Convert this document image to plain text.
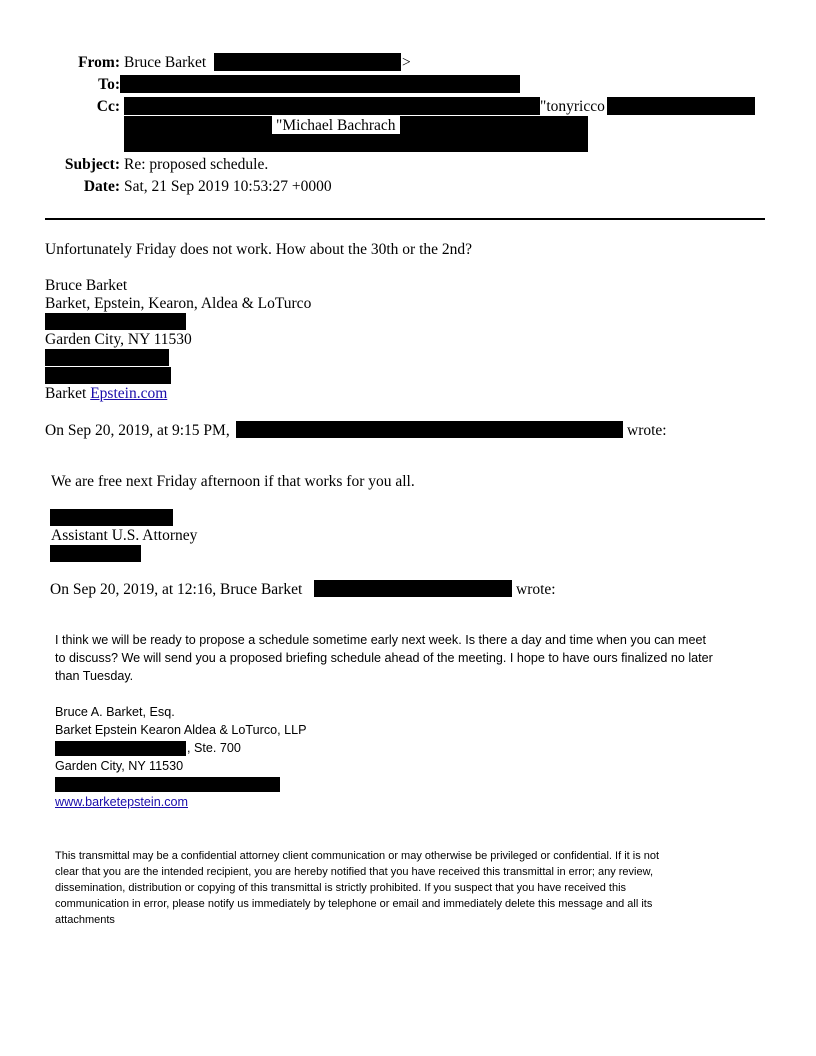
From: Bruce Barket	>
To:
Cc:	"tonyricco
"Michael Bachrach
Subject: Re: proposed schedule.
Date: Sat, 21 Sep 2019 10:53:27 +0000
Unfortunately Friday does not work. How about the 30th or the 2nd?
Bruce Barket
Barket, Epstein, Kearon, Aldea & LoTurco
Garden City, NY 11530
Barket Epstein.com
On Sep 20, 2019, at 9:15 PM,	wrote:
We are free next Friday afternoon if that works for you all.
Assistant U.S. Attorney
On Sep 20, 2019, at 12:16, Bruce Barket	wrote:
I think we will be ready to propose a schedule sometime early next week. Is there a day and time when you can meet
to discuss? We will send you a proposed briefing schedule ahead of the meeting. I hope to have ours finalized no later
than Tuesday.
Bruce A. Barket, Esq.
Barket Epstein Kearon Aldea & LoTurco, LLP
, Ste. 700
Garden City, NY 11530
www.barketepstein.com
This transmittal may be a confidential attorney client communication or may otherwise be privileged or confidential. If it is not
clear that you are the intended recipient, you are hereby notified that you have received this transmittal in error; any review,
dissemination, distribution or copying of this transmittal is strictly prohibited. If you suspect that you have received this
communication in error, please notify us immediately by telephone or email and immediately delete this message and all its
attachments
